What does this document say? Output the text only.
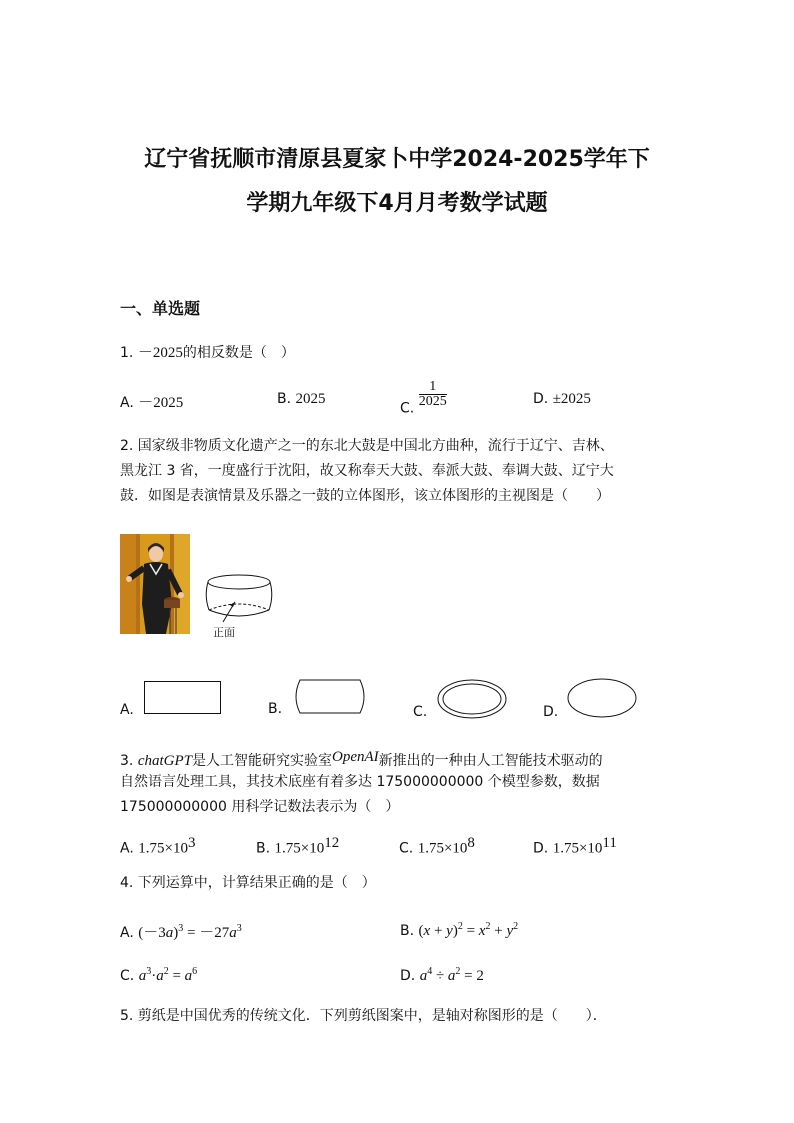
辽宁省抚顺市清原县夏家卜中学2024-2025学年下
学期九年级下4月月考数学试题
一、单选题
1. －2025的相反数是（　）
A. －2025	B. 2025
C. $\frac{1}{2025}$	D. ±2025
2. 国家级非物质文化遗产之一的东北大鼓是中国北方曲种，流行于辽宁、吉林、
黑龙江 3 省，一度盛行于沈阳，故又称奉天大鼓、奉派大鼓、奉调大鼓、辽宁大
鼓．如图是表演情景及乐器之一鼓的立体图形，该立体图形的主视图是（　　）
正面
A.	B.	C.	D.
3. chatGPT是人工智能研究实验室OpenAI新推出的一种由人工智能技术驱动的
自然语言处理工具，其技术底座有着多达 175000000000 个模型参数，数据
175000000000 用科学记数法表示为（　）
A. $1.75\times 10^3$	B. $1.75\times 10^{12}$	C. $1.75\times 10^8$	D. $1.75\times 10^{11}$
4. 下列运算中，计算结果正确的是（　）
A. $(-3a)^3 = -27a^3$	B. $(x + y)^2 = x^2 + y^2$
C. $a^3\cdot a^2 = a^6$	D. $a^4 \div a^2 = 2$
5. 剪纸是中国优秀的传统文化．下列剪纸图案中，是轴对称图形的是（　　）．
